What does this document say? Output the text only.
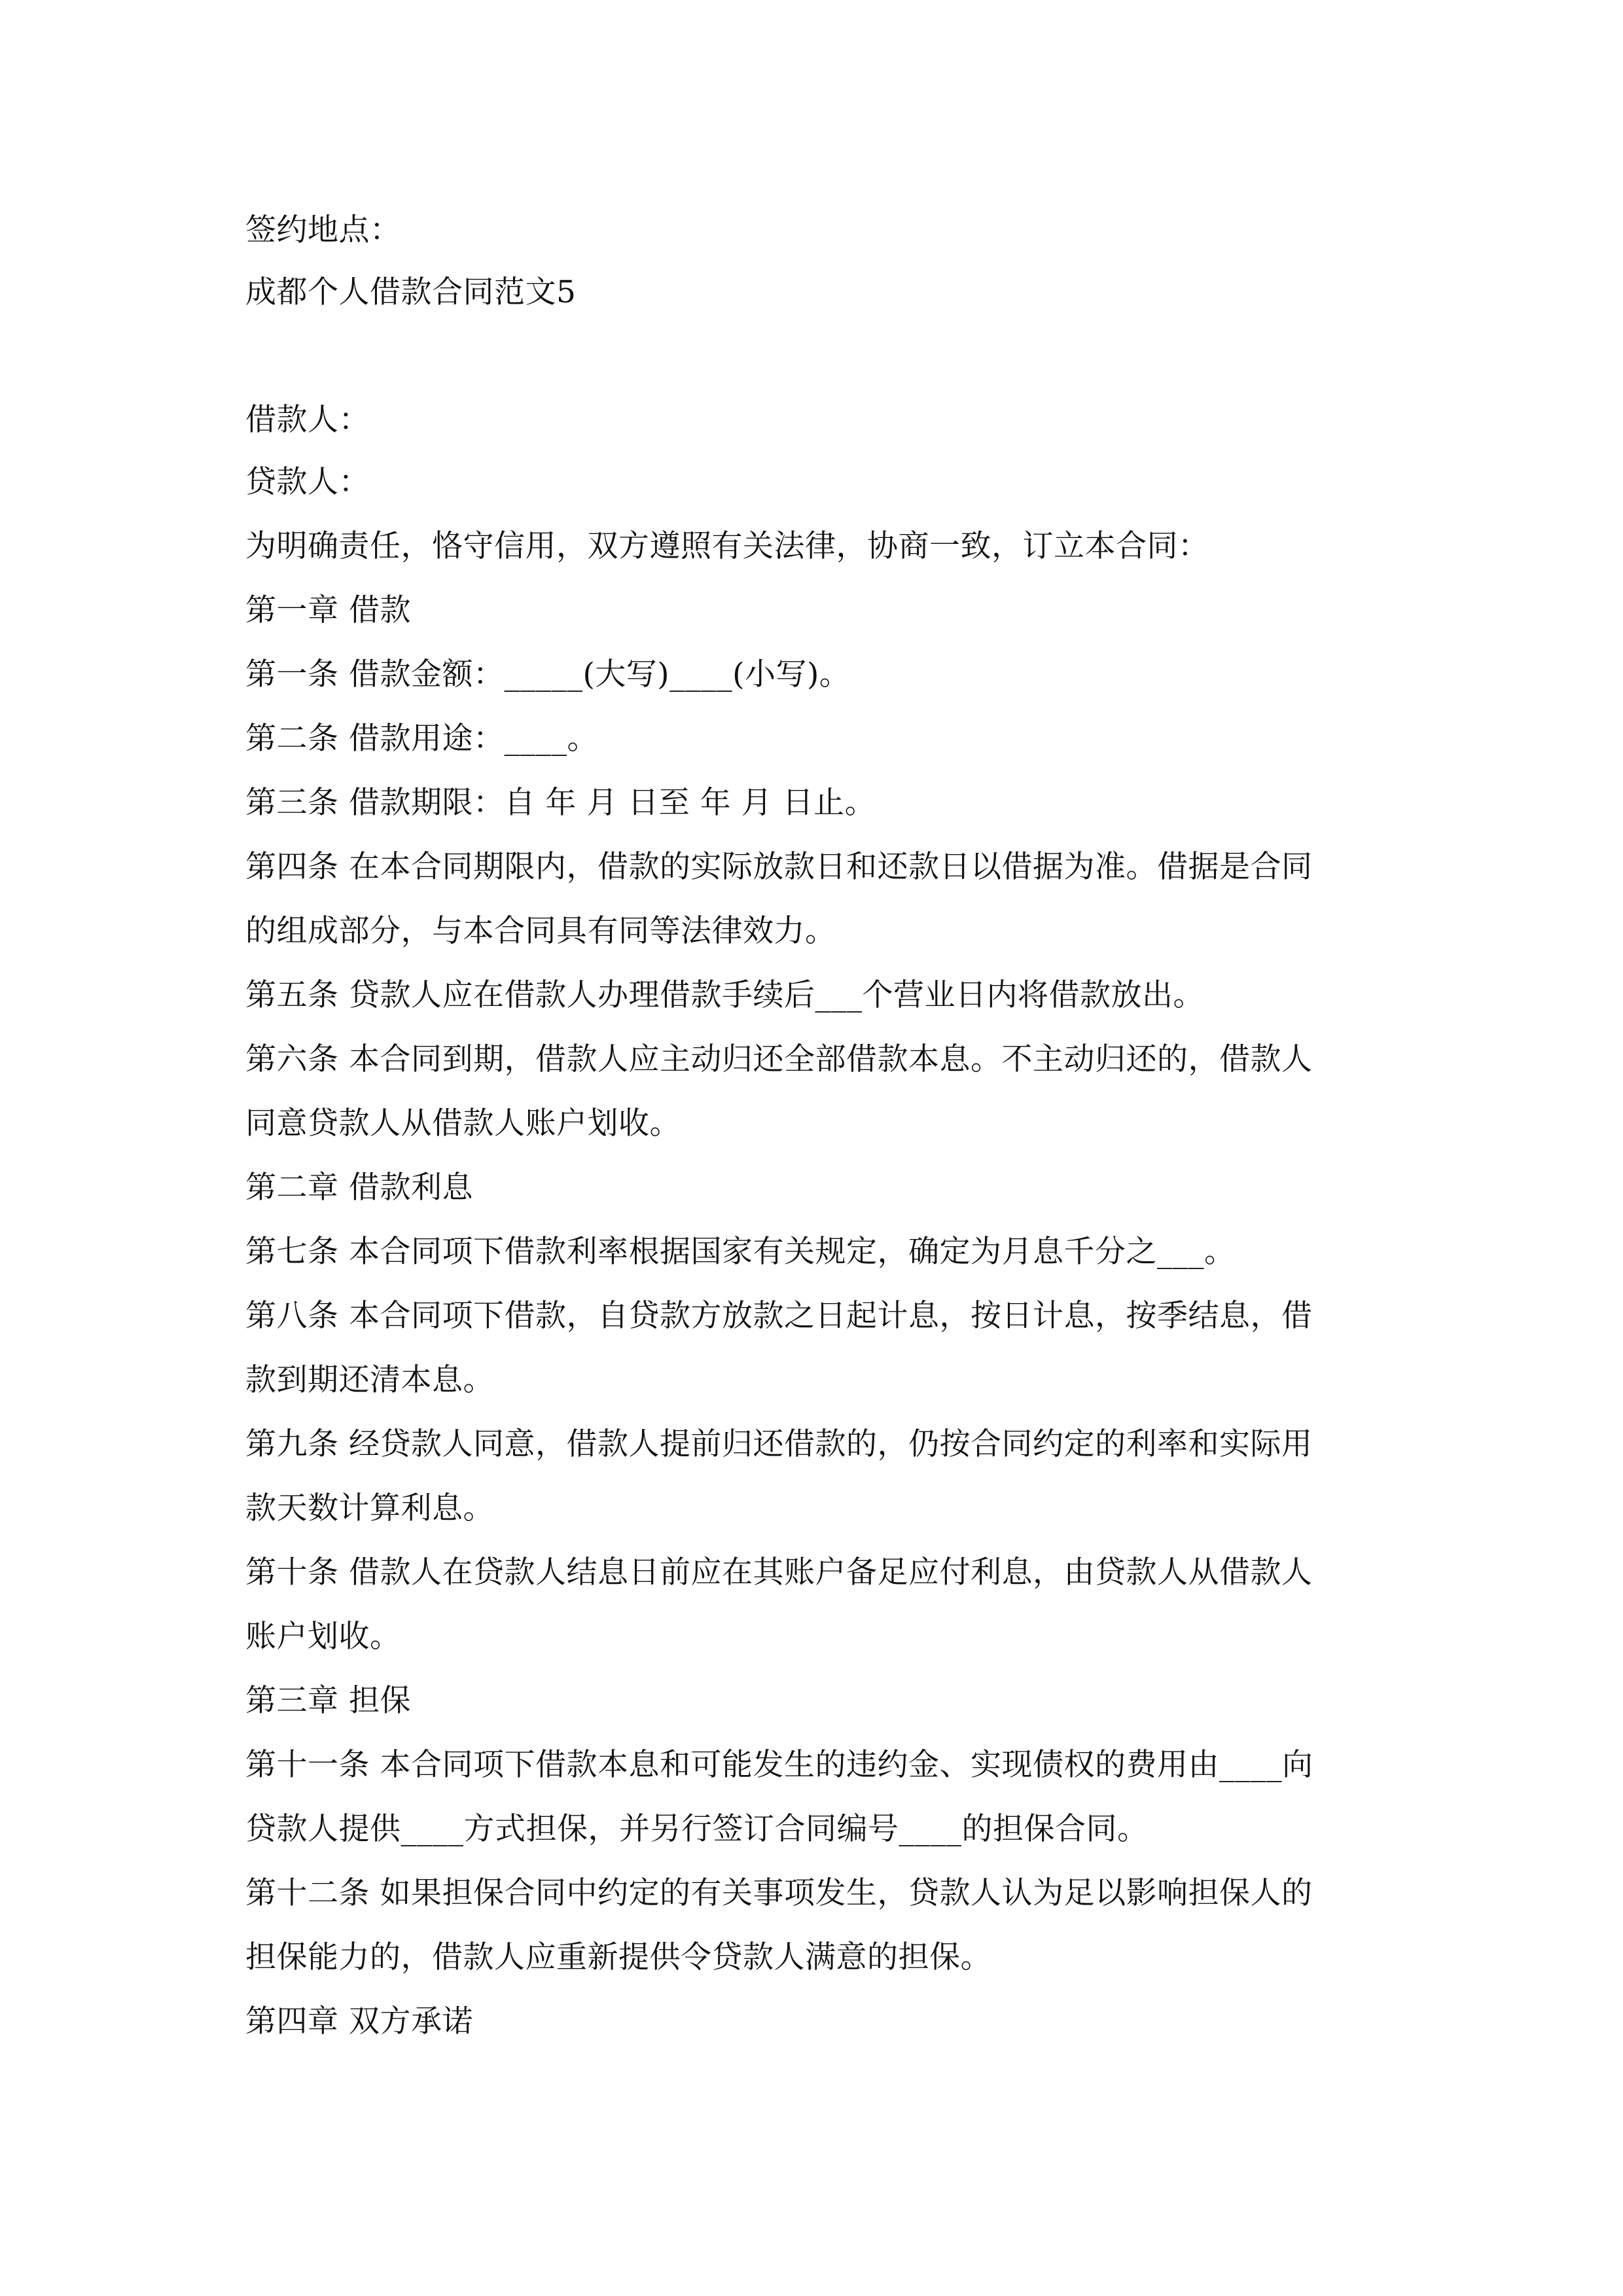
签约地点：
成都个人借款合同范文5
借款人：
贷款人：
为明确责任，恪守信用，双方遵照有关法律，协商一致，订立本合同：
第一章 借款
第一条 借款金额：_____(大写)____(小写)。
第二条 借款用途：____。
第三条 借款期限：自 年 月 日至 年 月 日止。
第四条 在本合同期限内，借款的实际放款日和还款日以借据为准。借据是合同
的组成部分，与本合同具有同等法律效力。
第五条 贷款人应在借款人办理借款手续后___个营业日内将借款放出。
第六条 本合同到期，借款人应主动归还全部借款本息。不主动归还的，借款人
同意贷款人从借款人账户划收。
第二章 借款利息
第七条 本合同项下借款利率根据国家有关规定，确定为月息千分之___。
第八条 本合同项下借款，自贷款方放款之日起计息，按日计息，按季结息，借
款到期还清本息。
第九条 经贷款人同意，借款人提前归还借款的，仍按合同约定的利率和实际用
款天数计算利息。
第十条 借款人在贷款人结息日前应在其账户备足应付利息，由贷款人从借款人
账户划收。
第三章 担保
第十一条 本合同项下借款本息和可能发生的违约金、实现债权的费用由____向
贷款人提供____方式担保，并另行签订合同编号____的担保合同。
第十二条 如果担保合同中约定的有关事项发生，贷款人认为足以影响担保人的
担保能力的，借款人应重新提供令贷款人满意的担保。
第四章 双方承诺
